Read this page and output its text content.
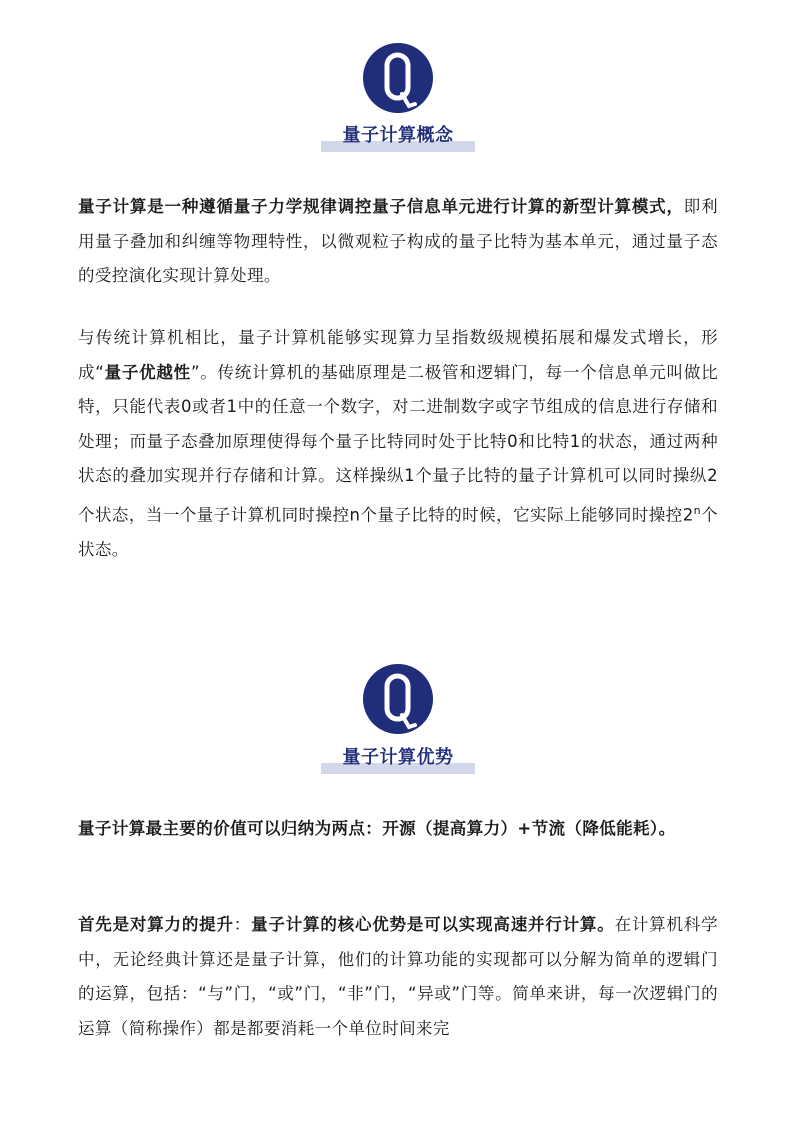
量子计算概念

量子计算是一种遵循量子力学规律调控量子信息单元进行计算的新型计算模式，即利用量子叠加和纠缠等物理特性，以微观粒子构成的量子比特为基本单元，通过量子态的受控演化实现计算处理。

与传统计算机相比，量子计算机能够实现算力呈指数级规模拓展和爆发式增长，形成“量子优越性”。传统计算机的基础原理是二极管和逻辑门，每一个信息单元叫做比特，只能代表0或者1中的任意一个数字，对二进制数字或字节组成的信息进行存储和处理；而量子态叠加原理使得每个量子比特同时处于比特0和比特1的状态，通过两种状态的叠加实现并行存储和计算。这样操纵1个量子比特的量子计算机可以同时操纵2个状态，当一个量子计算机同时操控n个量子比特的时候，它实际上能够同时操控2$^n$个状态。

量子计算优势

量子计算最主要的价值可以归纳为两点：开源（提高算力）+节流（降低能耗）。

首先是对算力的提升：量子计算的核心优势是可以实现高速并行计算。在计算机科学中，无论经典计算还是量子计算，他们的计算功能的实现都可以分解为简单的逻辑门的运算，包括：“与”门，“或”门，“非”门，“异或”门等。简单来讲，每一次逻辑门的运算（简称操作）都是都要消耗一个单位时间来完
